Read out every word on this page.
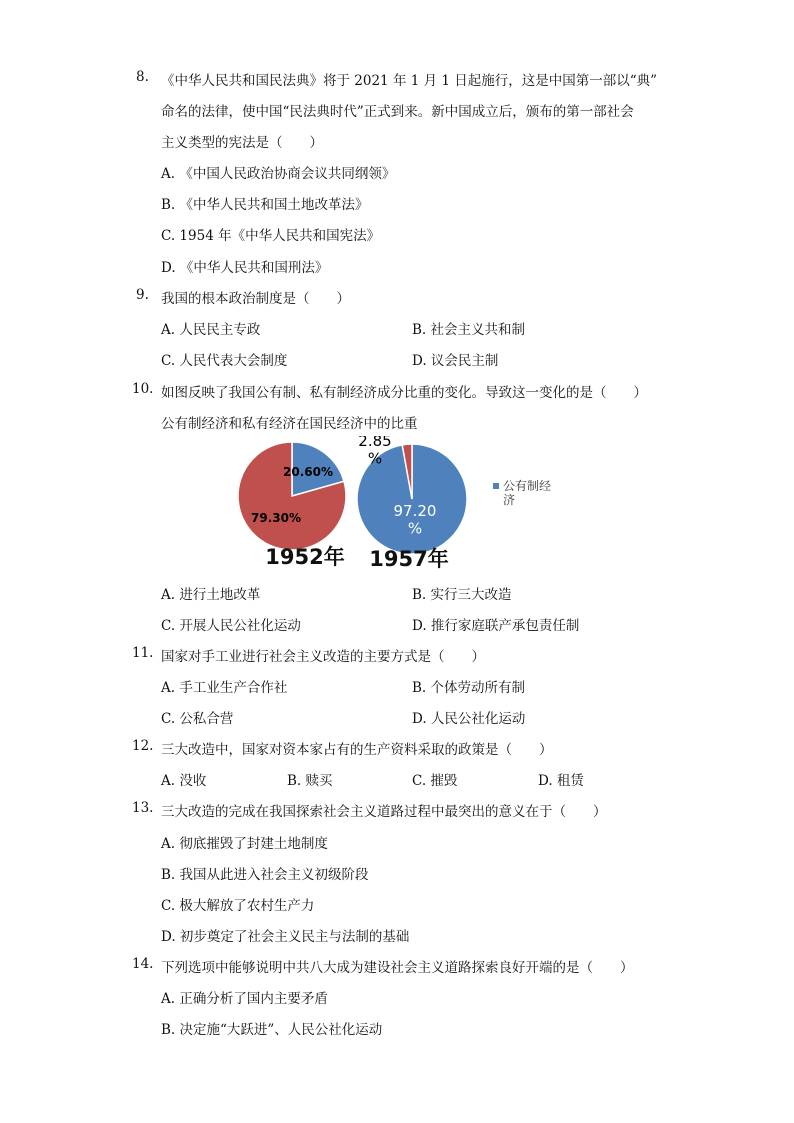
8. 《中华人民共和国民法典》将于 2021 年 1 月 1 日起施行，这是中国第一部以“典”
命名的法律，使中国“民法典时代”正式到来。新中国成立后，颁布的第一部社会
主义类型的宪法是（　　）
A. 《中国人民政治协商会议共同纲领》
B. 《中华人民共和国土地改革法》
C. 1954 年《中华人民共和国宪法》
D. 《中华人民共和国刑法》
9. 我国的根本政治制度是（　　）
A. 人民民主专政	B. 社会主义共和制
C. 人民代表大会制度	D. 议会民主制
10. 如图反映了我国公有制、私有制经济成分比重的变化。导致这一变化的是（　　）
公有制经济和私有经济在国民经济中的比重
A. 进行土地改革	B. 实行三大改造
C. 开展人民公社化运动	D. 推行家庭联产承包责任制
20.60%
79.30%
1952年
97.20 %
2.85 %
1957年
公有制经济
11. 国家对手工业进行社会主义改造的主要方式是（　　）
A. 手工业生产合作社	B. 个体劳动所有制
C. 公私合营	D. 人民公社化运动
12. 三大改造中，国家对资本家占有的生产资料采取的政策是（　　）
A. 没收	B. 赎买	C. 摧毁	D. 租赁
13. 三大改造的完成在我国探索社会主义道路过程中最突出的意义在于（　　）
A. 彻底摧毁了封建土地制度
B. 我国从此进入社会主义初级阶段
C. 极大解放了农村生产力
D. 初步奠定了社会主义民主与法制的基础
14. 下列选项中能够说明中共八大成为建设社会主义道路探索良好开端的是（　　）
A. 正确分析了国内主要矛盾
B. 决定施“大跃进”、人民公社化运动
